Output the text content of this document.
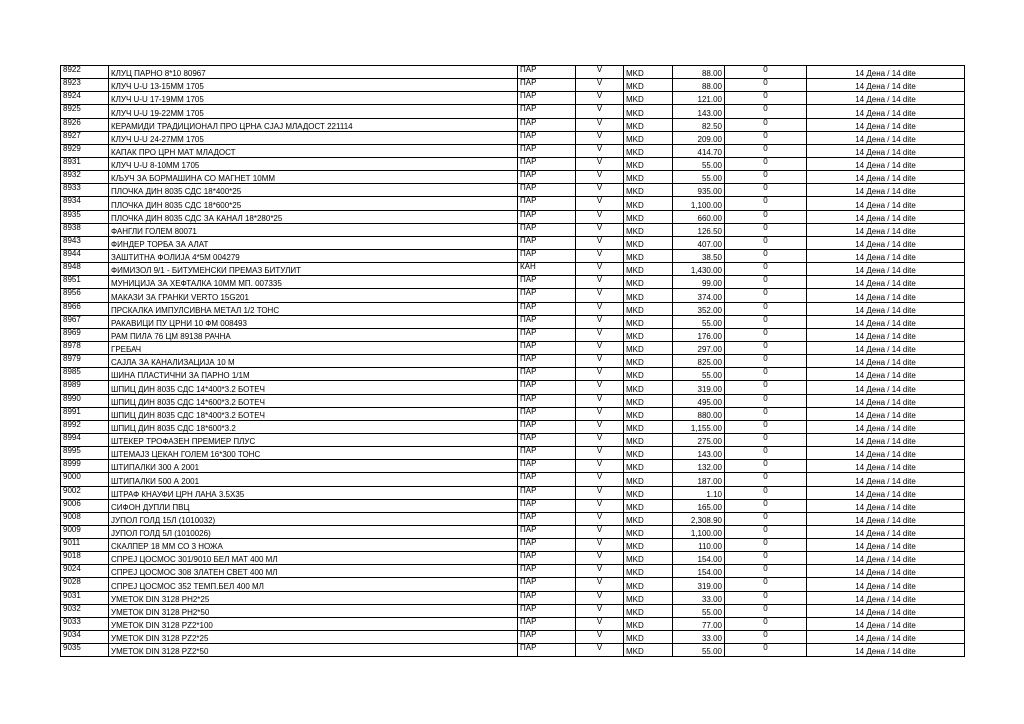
8922	КЛУЦ ПАРНО 8*10 80967	ПАР	V	MKD	88.00	0	14 Дена / 14 dite
8923	КЛУЧ U-U 13-15ММ 1705	ПАР	V	MKD	88.00	0	14 Дена / 14 dite
8924	КЛУЧ U-U 17-19ММ 1705	ПАР	V	MKD	121.00	0	14 Дена / 14 dite
8925	КЛУЧ U-U 19-22ММ 1705	ПАР	V	MKD	143.00	0	14 Дена / 14 dite
8926	КЕРАМИДИ ТРАДИЦИОНАЛ ПРО ЦРНА СЈАЈ МЛАДОСТ 221114	ПАР	V	MKD	82.50	0	14 Дена / 14 dite
8927	КЛУЧ U-U 24-27ММ 1705	ПАР	V	MKD	209.00	0	14 Дена / 14 dite
8929	КАПАК ПРО ЦРН МАТ МЛАДОСТ	ПАР	V	MKD	414.70	0	14 Дена / 14 dite
8931	КЛУЧ U-U 8-10ММ 1705	ПАР	V	MKD	55.00	0	14 Дена / 14 dite
8932	КЉУЧ ЗА БОРМАШИНА СО МАГНЕТ 10ММ	ПАР	V	MKD	55.00	0	14 Дена / 14 dite
8933	ПЛОЧКА ДИН 8035 СДС 18*400*25	ПАР	V	MKD	935.00	0	14 Дена / 14 dite
8934	ПЛОЧКА ДИН 8035 СДС 18*600*25	ПАР	V	MKD	1,100.00	0	14 Дена / 14 dite
8935	ПЛОЧКА ДИН 8035 СДС ЗА КАНАЛ 18*280*25	ПАР	V	MKD	660.00	0	14 Дена / 14 dite
8938	ФАНГЛИ ГОЛЕМ 80071	ПАР	V	MKD	126.50	0	14 Дена / 14 dite
8943	ФИНДЕР ТОРБА ЗА АЛАТ	ПАР	V	MKD	407.00	0	14 Дена / 14 dite
8944	ЗАШТИТНА ФОЛИЈА 4*5М 004279	ПАР	V	MKD	38.50	0	14 Дена / 14 dite
8948	ФИМИЗОЛ 9/1 - БИТУМЕНСКИ ПРЕМАЗ БИТУЛИТ	КАН	V	MKD	1,430.00	0	14 Дена / 14 dite
8951	МУНИЦИЈА ЗА ХЕФТАЛКА 10ММ МП. 007335	ПАР	V	MKD	99.00	0	14 Дена / 14 dite
8956	МАКАЗИ ЗА ГРАНКИ VERTO 15G201	ПАР	V	MKD	374.00	0	14 Дена / 14 dite
8966	ПРСКАЛКА ИМПУЛСИВНА МЕТАЛ 1/2 ТОНС	ПАР	V	MKD	352.00	0	14 Дена / 14 dite
8967	РАКАВИЦИ ПУ ЦРНИ 10 ФМ 008493	ПАР	V	MKD	55.00	0	14 Дена / 14 dite
8969	РАМ ПИЛА 76 ЦМ 89138 РАЧНА	ПАР	V	MKD	176.00	0	14 Дена / 14 dite
8978	ГРЕБАЧ	ПАР	V	MKD	297.00	0	14 Дена / 14 dite
8979	САЈЛА ЗА КАНАЛИЗАЦИЈА 10 М	ПАР	V	MKD	825.00	0	14 Дена / 14 dite
8985	ШИНА ПЛАСТИЧНИ ЗА ПАРНО 1/1М	ПАР	V	MKD	55.00	0	14 Дена / 14 dite
8989	ШПИЦ ДИН 8035 СДС 14*400*3.2 БОТЕЧ	ПАР	V	MKD	319.00	0	14 Дена / 14 dite
8990	ШПИЦ ДИН 8035 СДС 14*600*3.2 БОТЕЧ	ПАР	V	MKD	495.00	0	14 Дена / 14 dite
8991	ШПИЦ ДИН 8035 СДС 18*400*3.2 БОТЕЧ	ПАР	V	MKD	880.00	0	14 Дена / 14 dite
8992	ШПИЦ ДИН 8035 СДС 18*600*3.2	ПАР	V	MKD	1,155.00	0	14 Дена / 14 dite
8994	ШТЕКЕР ТРОФАЗЕН ПРЕМИЕР ПЛУС	ПАР	V	MKD	275.00	0	14 Дена / 14 dite
8995	ШТЕМАЈЗ ЦЕКАН ГОЛЕМ 16*300 ТОНС	ПАР	V	MKD	143.00	0	14 Дена / 14 dite
8999	ШТИПАЛКИ 300 А 2001	ПАР	V	MKD	132.00	0	14 Дена / 14 dite
9000	ШТИПАЛКИ 500 А 2001	ПАР	V	MKD	187.00	0	14 Дена / 14 dite
9002	ШТРАФ КНАУФИ ЦРН ЛАНА 3.5Х35	ПАР	V	MKD	1.10	0	14 Дена / 14 dite
9006	СИФОН ДУПЛИ ПВЦ	ПАР	V	MKD	165.00	0	14 Дена / 14 dite
9008	ЈУПОЛ ГОЛД 15Л (1010032)	ПАР	V	MKD	2,308.90	0	14 Дена / 14 dite
9009	ЈУПОЛ ГОЛД 5Л (1010026)	ПАР	V	MKD	1,100.00	0	14 Дена / 14 dite
9011	СКАЛПЕР 18 ММ СО 3 НОЖА	ПАР	V	MKD	110.00	0	14 Дена / 14 dite
9018	СПРЕЈ ЦОСМОС 301/9010 БЕЛ МАТ 400 МЛ	ПАР	V	MKD	154.00	0	14 Дена / 14 dite
9024	СПРЕЈ ЦОСМОС 308 ЗЛАТЕН СВЕТ 400 МЛ	ПАР	V	MKD	154.00	0	14 Дена / 14 dite
9028	СПРЕЈ ЦОСМОС 352 ТЕМП.БЕЛ 400 МЛ	ПАР	V	MKD	319.00	0	14 Дена / 14 dite
9031	УМЕТОК DIN 3128 PH2*25	ПАР	V	MKD	33.00	0	14 Дена / 14 dite
9032	УМЕТОК DIN 3128 PH2*50	ПАР	V	MKD	55.00	0	14 Дена / 14 dite
9033	УМЕТОК DIN 3128 PZ2*100	ПАР	V	MKD	77.00	0	14 Дена / 14 dite
9034	УМЕТОК DIN 3128 PZ2*25	ПАР	V	MKD	33.00	0	14 Дена / 14 dite
9035	УМЕТОК DIN 3128 PZ2*50	ПАР	V	MKD	55.00	0	14 Дена / 14 dite
